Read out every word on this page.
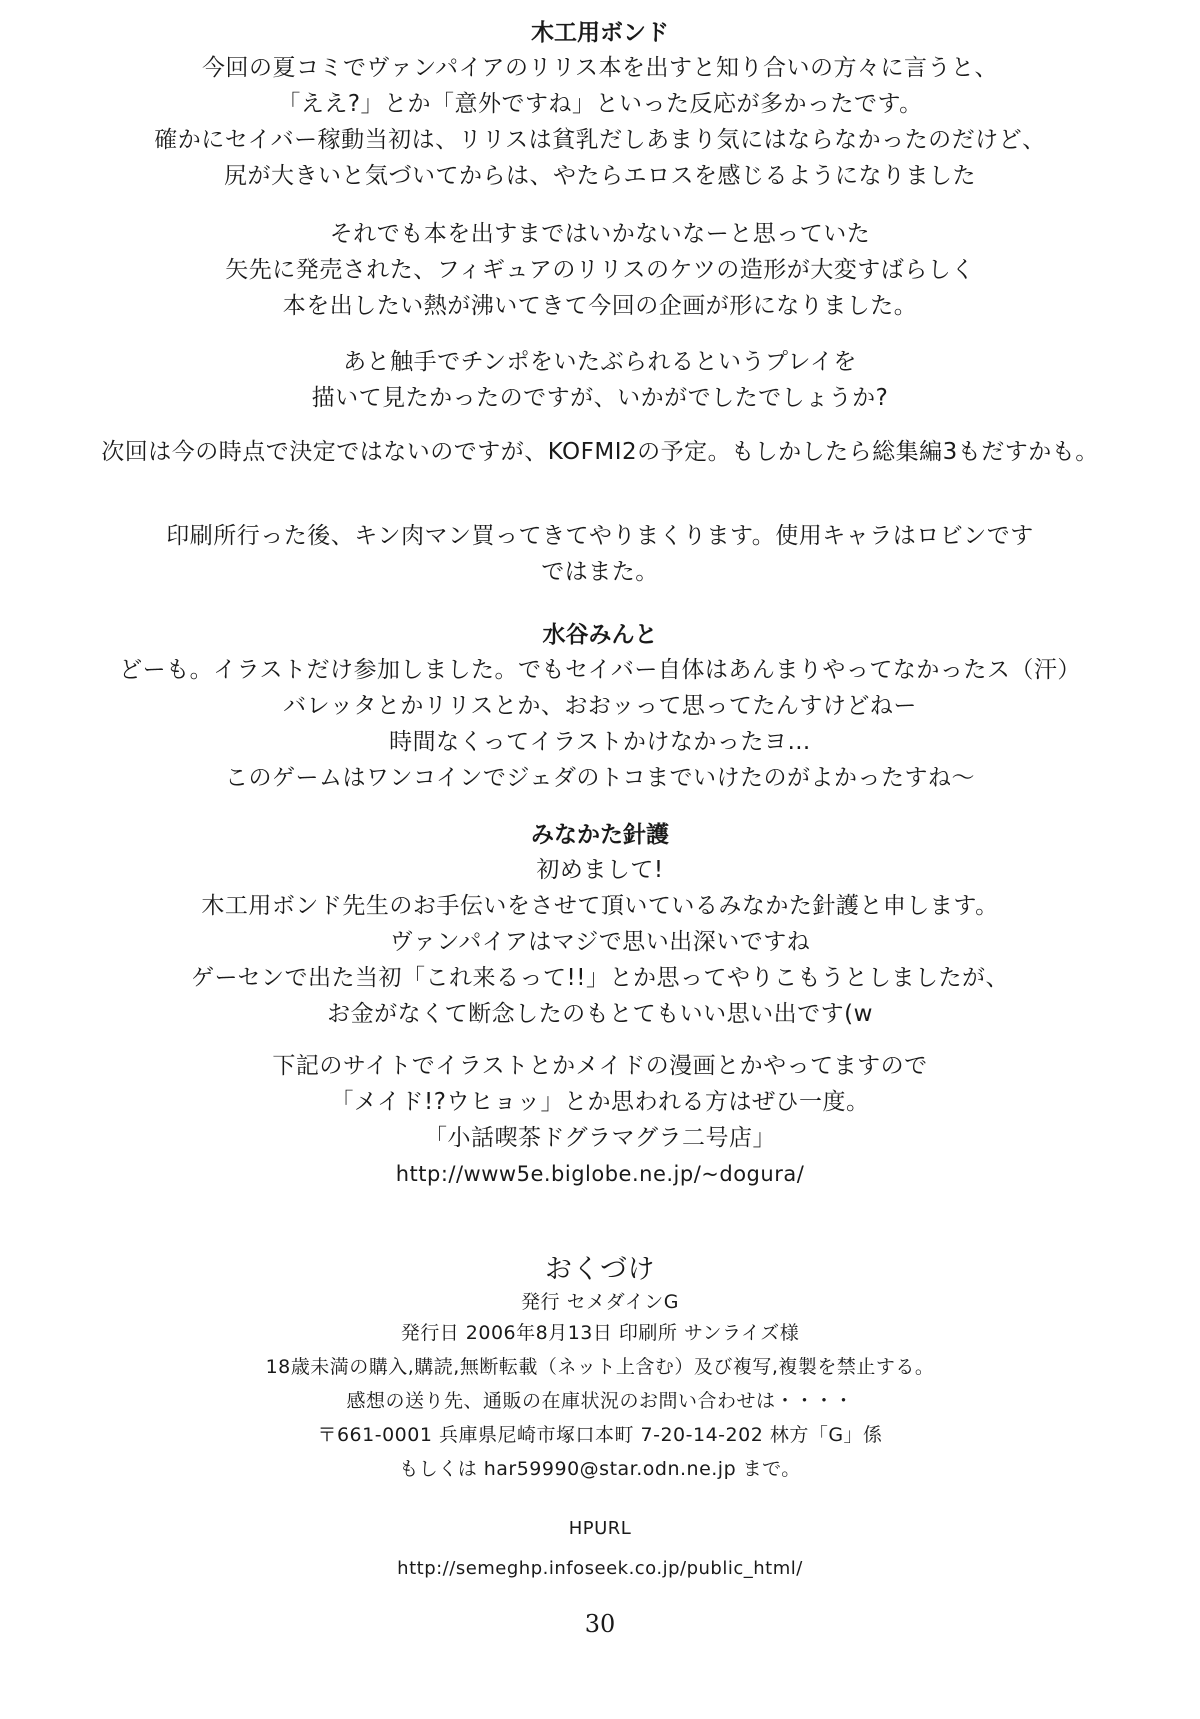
木工用ボンド
今回の夏コミでヴァンパイアのリリス本を出すと知り合いの方々に言うと、
「ええ?」とか「意外ですね」といった反応が多かったです。
確かにセイバー稼動当初は、リリスは貧乳だしあまり気にはならなかったのだけど、
尻が大きいと気づいてからは、やたらエロスを感じるようになりました
それでも本を出すまではいかないなーと思っていた
矢先に発売された、フィギュアのリリスのケツの造形が大変すばらしく
本を出したい熱が沸いてきて今回の企画が形になりました。
あと触手でチンポをいたぶられるというプレイを
描いて見たかったのですが、いかがでしたでしょうか?
次回は今の時点で決定ではないのですが、KOFMI2の予定。もしかしたら総集編3もだすかも。
印刷所行った後、キン肉マン買ってきてやりまくります。使用キャラはロビンです
ではまた。
水谷みんと
どーも。イラストだけ参加しました。でもセイバー自体はあんまりやってなかったス（汗）
バレッタとかリリスとか、おおッって思ってたんすけどねー
時間なくってイラストかけなかったヨ…
このゲームはワンコインでジェダのトコまでいけたのがよかったすね～
みなかた針護
初めまして!
木工用ボンド先生のお手伝いをさせて頂いているみなかた針護と申します。
ヴァンパイアはマジで思い出深いですね
ゲーセンで出た当初「これ来るって!!」とか思ってやりこもうとしましたが、
お金がなくて断念したのもとてもいい思い出です(w
下記のサイトでイラストとかメイドの漫画とかやってますので
「メイド!?ウヒョッ」とか思われる方はぜひ一度。
「小話喫茶ドグラマグラ二号店」
http://www5e.biglobe.ne.jp/~dogura/
おくづけ
発行 セメダインG
発行日 2006年8月13日 印刷所 サンライズ様
18歳未満の購入,購読,無断転載（ネット上含む）及び複写,複製を禁止する。
感想の送り先、通販の在庫状況のお問い合わせは・・・・
〒661-0001 兵庫県尼崎市塚口本町 7-20-14-202 林方「G」係
もしくは har59990@star.odn.ne.jp まで。
HPURL
http://semeghp.infoseek.co.jp/public_html/
30
